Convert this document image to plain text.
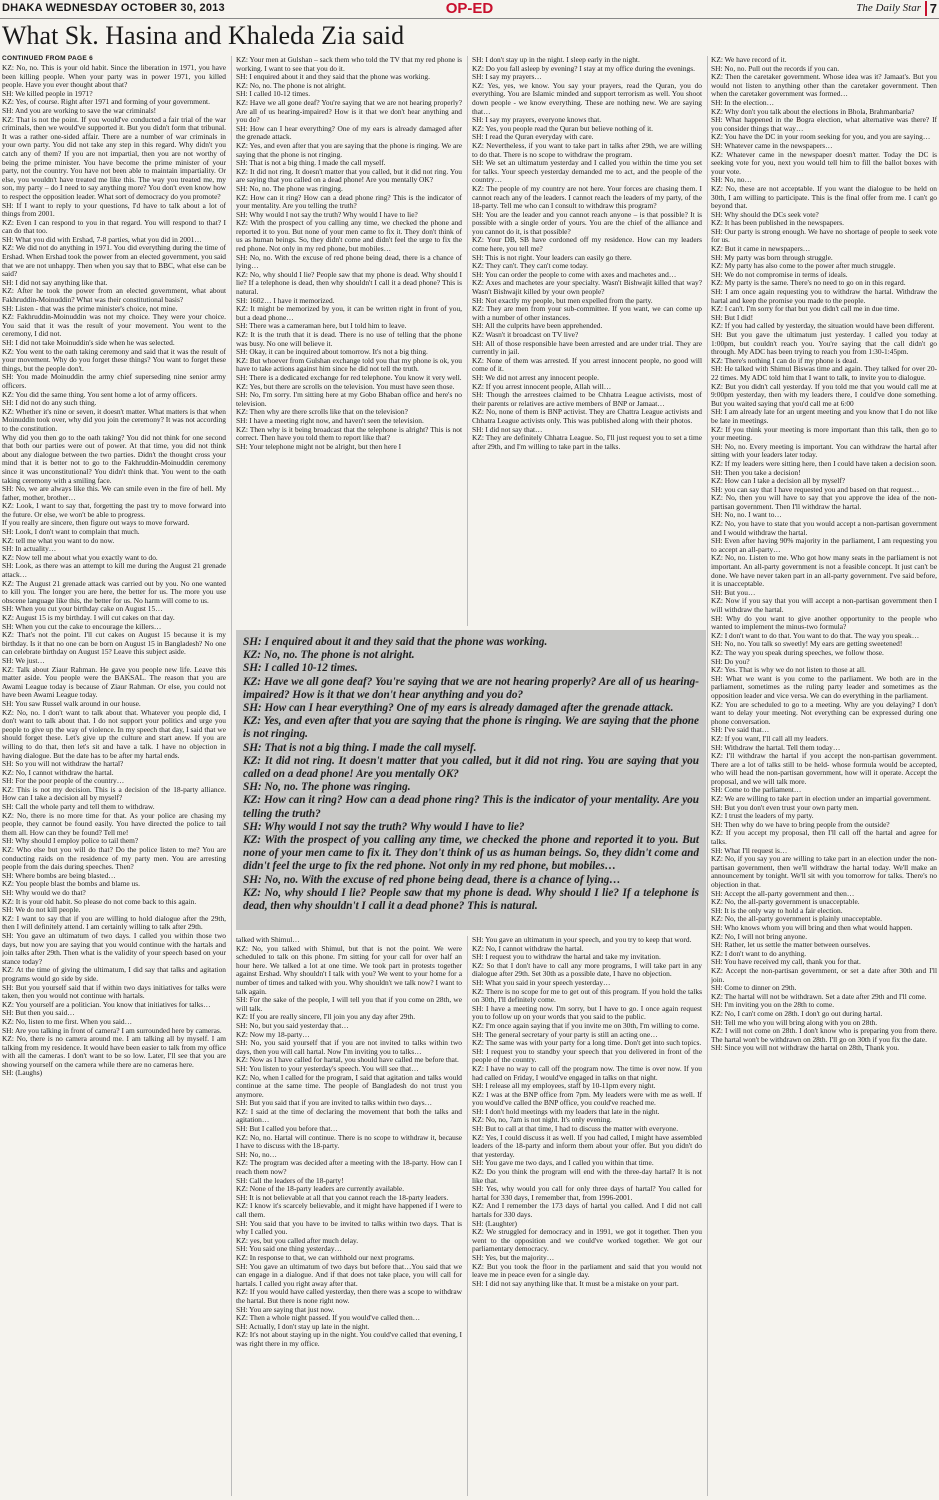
DHAKA WEDNESDAY OCTOBER 30, 2013	OP-ED	The Daily Star 7
What Sk. Hasina and Khaleda Zia said
CONTINUED FROM PAGE 6

KZ: No, no. This is your old habit. Since the liberation in 1971, you have been killing people. When your party was in power 1971, you killed people. Have you ever thought about that?

SH: We killed people in 1971?

KZ: Yes, of course. Right after 1971 and forming of your government.

SH: And you are working to save the war criminals!

KZ: That is not the point. If you would've conducted a fair trial of the war criminals, then we would've supported it. But you didn't form that tribunal. It was a rather one-sided affair. There are a number of war criminals in your own party. You did not take any step in this regard. Why didn't you catch any of them? If you are not impartial, then you are not worthy of being the prime minister. You have become the prime minister of your party, not the country. You have not been able to maintain impartiality. Or else, you wouldn't have treated me like this. The way you treated me, my son, my party – do I need to say anything more? You don't even know how to respect the opposition leader. What sort of democracy do you promote?

SH: If I want to reply to your questions, I'd have to talk about a lot of things from 2001.

KZ: Even I can respond to you in that regard. You will respond to that? I can do that too.

SH: What you did with Ershad, 7-8 parties, what you did in 2001…

KZ: We did not do anything in 1971. You did everything during the time of Ershad. When Ershad took the power from an elected government, you said that we are not unhappy. Then when you say that to BBC, what else can be said?

SH: I did not say anything like that.

KZ: After he took the power from an elected government, what about Fakhruddin-Moinuddin? What was their constitutional basis?

SH: Listen - that was the prime minister's choice, not mine.

KZ: Fakhruddin-Moinuddin was not my choice. They were your choice. You said that it was the result of your movement. You went to the ceremony, I did not.

SH: I did not take Moinuddin's side when he was selected.

KZ: You went to the oath taking ceremony and said that it was the result of your movement. Why do you forget these things? You want to forget these things, but the people don't.

SH: You made Moinuddin the army chief superseding nine senior army officers.

KZ: You did the same thing. You sent home a lot of army officers.

SH: I did not do any such thing.

KZ: Whether it's nine or seven, it doesn't matter. What matters is that when Moinuddin took over, why did you join the ceremony? It was not according to the constitution.

Why did you then go to the oath taking? You did not think for one second that both our parties were out of power. At that time, you did not think about any dialogue between the two parties. Didn't the thought cross your mind that it is better not to go to the Fakhruddin-Moinuddin ceremony since it was unconstitutional? You didn't think that. You went to the oath taking ceremony with a smiling face.

SH: No, we are always like this. We can smile even in the fire of hell. My father, mother, brother…

KZ: Look, I want to say that, forgetting the past try to move forward into the future. Or else, we won't be able to progress.

If you really are sincere, then figure out ways to move forward.

SH: Look, I don't want to complain that much.

KZ: tell me what you want to do now.

SH: In actuality…

KZ: Now tell me about what you exactly want to do.

SH: Look, as there was an attempt to kill me during the August 21 grenade attack…

KZ: The August 21 grenade attack was carried out by you. No one wanted to kill you. The longer you are here, the better for us. The more you use obscene language like this, the better for us. No harm will come to us.

SH: When you cut your birthday cake on August 15…

KZ: August 15 is my birthday. I will cut cakes on that day.

SH: When you cut the cake to encourage the killers…

KZ: That's not the point. I'll cut cakes on August 15 because it is my birthday. Is it that no one can be born on August 15 in Bangladesh? No one can celebrate birthday on August 15? Leave this subject aside.

SH: We just…

KZ: Talk about Ziaur Rahman. He gave you people new life. Leave this matter aside. You people were the BAKSAL. The reason that you are Awami League today is because of Ziaur Rahman. Or else, you could not have been Awami League today.

SH: You saw Russel walk around in our house.

KZ: No, no. I don't want to talk about that. Whatever you people did, I don't want to talk about that. I do not support your politics and urge you people to give up the way of violence. In my speech that day, I said that we should forget these. Let's give up the culture and start anew. If you are willing to do that, then let's sit and have a talk. I have no objection in having dialogue. But the date has to be after my hartal ends.

SH: So you will not withdraw the hartal?

KZ: No, I cannot withdraw the hartal.

SH: For the poor people of the country…

KZ: This is not my decision. This is a decision of the 18-party alliance. How can I take a decision all by myself?

SH: Call the whole party and tell them to withdraw.

KZ: No, there is no more time for that. As your police are chasing my people, they cannot be found easily. You have directed the police to tail them all. How can they be found? Tell me!

SH: Why should I employ police to tail them?

KZ: Who else but you will do that? Do the police listen to me? You are conducting raids on the residence of my party men. You are arresting people from the dais during speeches. Then?

SH: Where bombs are being blasted…

KZ: You people blast the bombs and blame us.

SH: Why would we do that?

KZ: It is your old habit. So please do not come back to this again.

SH: We do not kill people.

KZ: I want to say that if you are willing to hold dialogue after the 29th, then I will definitely attend. I am certainly willing to talk after 29th.

SH: You gave an ultimatum of two days. I called you within those two days, but now you are saying that you would continue with the hartals and join talks after 29th. Then what is the validity of your speech based on your stance today?

KZ: At the time of giving the ultimatum, I did say that talks and agitation programs would go side by side.

SH: But you yourself said that if within two days initiatives for talks were taken, then you would not continue with hartals.

KZ: You yourself are a politician. You know that initiatives for talks…

SH: But then you said…

KZ: No, listen to me first. When you said…

SH: Are you talking in front of camera? I am surrounded here by cameras.

KZ: No, there is no camera around me. I am talking all by myself. I am talking from my residence. It would have been easier to talk from my office with all the cameras. I don't want to be so low. Later, I'll see that you are showing yourself on the camera while there are no cameras here.

SH: (Laughs)

KZ: Your men at Gulshan – sack them who told the TV that my red phone is working. I want to see that you do it.

SH: I enquired about it and they said that the phone was working.

KZ: No, no. The phone is not alright.

SH: I called 10-12 times.

KZ: Have we all gone deaf? You're saying that we are not hearing properly? Are all of us hearing-impaired? How is it that we don't hear anything and you do?

SH: How can I hear everything? One of my ears is already damaged after the grenade attack.

KZ: Yes, and even after that you are saying that the phone is ringing. We are saying that the phone is not ringing.

SH: That is not a big thing. I made the call myself.

KZ: It did not ring. It doesn't matter that you called, but it did not ring. You are saying that you called on a dead phone! Are you mentally OK?

SH: No, no. The phone was ringing.

KZ: How can it ring? How can a dead phone ring? This is the indicator of your mentality. Are you telling the truth?

SH: Why would I not say the truth? Why would I have to lie?

KZ: With the prospect of you calling any time, we checked the phone and reported it to you. But none of your men came to fix it. They don't think of us as human beings. So, they didn't come and didn't feel the urge to fix the red phone. Not only in my red phone, but mobiles…

SH: No, no. With the excuse of red phone being dead, there is a chance of lying…

KZ: No, why should I lie? People saw that my phone is dead. Why should I lie? If a telephone is dead, then why shouldn't I call it a dead phone? This is natural.

SH: 1602… I have it memorized.

KZ: It might be memorized by you, it can be written right in front of you, but a dead phone…

SH: There was a cameraman here, but I told him to leave.

KZ: It is the truth that it is dead. There is no use of telling that the phone was busy. No one will believe it.

SH: Okay, it can be inquired about tomorrow. It's not a big thing.

KZ: But whoever from Gulshan exchange told you that my phone is ok, you have to take actions against him since he did not tell the truth.

SH: There is a dedicated exchange for red telephone. You know it very well.

KZ: Yes, but there are scrolls on the television. You must have seen those.

SH: No, I'm sorry. I'm sitting here at my Gobo Bhaban office and here's no television.

KZ: Then why are there scrolls like that on the television?

SH: I have a meeting right now, and haven't seen the television.

KZ: Then why is it being broadcast that the telephone is alright? This is not correct. Then have you told them to report like that?

SH: Your telephone might not be alright, but then here I

SH: I don't stay up in the night. I sleep early in the night.

KZ: Do you fall asleep by evening? I stay at my office during the evenings.

SH: I say my prayers…

KZ: Yes, yes, we know. You say your prayers, read the Quran, you do everything. You are Islamic minded and support terrorism as well. You shoot down people - we know everything. These are nothing new. We are saying that…

SH: I say my prayers, everyone knows that.

KZ: Yes, you people read the Quran but believe nothing of it.

SH: I read the Quran everyday with care.

KZ: Nevertheless, if you want to take part in talks after 29th, we are willing to do that. There is no scope to withdraw the program.

SH: We set an ultimatum yesterday and I called you within the time you set for talks. Your speech yesterday demanded me to act, and the people of the country…

KZ: The people of my country are not here. Your forces are chasing them. I cannot reach any of the leaders. I cannot reach the leaders of my party, of the 18-party. Tell me who can I consult to withdraw this program?

SH: You are the leader and you cannot reach anyone – is that possible? It is possible with a single order of yours. You are the chief of the alliance and you cannot do it, is that possible?

KZ: Your DB, SB have cordoned off my residence. How can my leaders come here, you tell me?

SH: This is not right. Your leaders can easily go there.

KZ: They can't. They can't come today.

SH: You can order the people to come with axes and machetes and…

KZ: Axes and machetes are your specialty. Wasn't Bishwajit killed that way? Wasn't Bishwajit killed by your own people?

SH: Not exactly my people, but men expelled from the party.

KZ: They are men from your sub-committee. If you want, we can come up with a number of other instances.

SH: All the culprits have been apprehended.

KZ: Wasn't it broadcast on TV live?

SH: All of those responsible have been arrested and are under trial. They are currently in jail.

KZ: None of them was arrested. If you arrest innocent people, no good will come of it.

SH: We did not arrest any innocent people.

KZ: If you arrest innocent people, Allah will…

SH: Though the arrestees claimed to be Chhatra League activists, most of their parents or relatives are active members of BNP or Jamaat…

KZ: No, none of them is BNP activist. They are Chattra League activists and Chhatra League activists only. This was published along with their photos.

SH: I did not say that…

KZ: They are definitely Chhatra League. So, I'll just request you to set a time after 29th, and I'm willing to take part in the talks.

KZ: We have record of it.

SH: No, no. Pull out the records if you can.

KZ: Then the caretaker government. Whose idea was it? Jamaat's. But you would not listen to anything other than the caretaker government. Then when the caretaker government was formed…

SH: In the election…

KZ: Why don't you talk about the elections in Bhola, Brahmanbaria?

SH: What happened in the Bogra election, what alternative was there? If you consider things that way…

KZ: You have the DC in your room seeking for you, and you are saying…

SH: Whatever came in the newspapers…

KZ: Whatever came in the newspaper doesn't matter. Today the DC is seeking vote for you, next you would tell him to fill the ballot boxes with your vote.

SH: No, no…

KZ: No, these are not acceptable. If you want the dialogue to be held on 30th, I am willing to participate. This is the final offer from me. I can't go beyond that.

SH: Why should the DCs seek vote?

KZ: It has been published in the newspapers.

SH: Our party is strong enough. We have no shortage of people to seek vote for us.

KZ: But it came in newspapers…

SH: My party was born through struggle.

KZ: My party has also come to the power after much struggle.

SH: We do not compromise in terms of ideals.

KZ: My party is the same. There's no need to go on in this regard.

SH: I am once again requesting you to withdraw the hartal. Withdraw the hartal and keep the promise you made to the people.

KZ: I can't. I'm sorry for that but you didn't call me in due time.

SH: But I did!

KZ: If you had called by yesterday, the situation would have been different.

SH: But you gave the ultimatum just yesterday. I called you today at 1:00pm, but couldn't reach you. You're saying that the call didn't go through. My ADC has been trying to reach you from 1:30-1:45pm.

KZ: There's nothing I can do if my phone is dead.

SH: He talked with Shimul Biswas time and again. They talked for over 20-22 times. My ADC told him that I want to talk, to invite you to dialogue.

KZ: But you didn't call yesterday. If you told me that you would call me at 9:00pm yesterday, then with my leaders there, I could've done something. But you waited saying that you'd call me at 6:00

SH: I am already late for an urgent meeting and you know that I do not like be late in meetings.

KZ: If you think your meeting is more important than this talk, then go to your meeting.

SH: No, no. Every meeting is important. You can withdraw the hartal after sitting with your leaders later today.

KZ: If my leaders were sitting here, then I could have taken a decision soon.

SH: Then you take a decision!

KZ: How can I take a decision all by myself?

SH: you can say that I have requested you and based on that request…

KZ: No, then you will have to say that you approve the idea of the non-partisan government. Then I'll withdraw the hartal.

SH: No, no. I want to…

KZ: No, you have to state that you would accept a non-partisan government and I would withdraw the hartal.

SH: Even after having 90% majority in the parliament, I am requesting you to accept an all-party…

KZ: No, no. Listen to me. Who got how many seats in the parliament is not important. An all-party government is not a feasible concept. It just can't be done. We have never taken part in an all-party government. I've said before, it is unacceptable.

SH: But you…

KZ: Now if you say that you will accept a non-partisan government then I will withdraw the hartal.

SH: Why do you want to give another opportunity to the people who wanted to implement the minus-two formula?

KZ: I don't want to do that. You want to do that. The way you speak…

SH: No, no. You talk so sweetly! My ears are getting sweetened!

KZ: The way you speak during speeches, we follow those.

SH: Do you?

KZ: Yes. That is why we do not listen to those at all.

SH: What we want is you come to the parliament. We both are in the parliament, sometimes as the ruling party leader and sometimes as the opposition leader and vice versa. We can do everything in the parliament.

KZ: You are scheduled to go to a meeting. Why are you delaying? I don't want to delay your meeting. Not everything can be expressed during one phone conversation.

SH: I've said that…

KZ: If you want, I'll call all my leaders.

SH: Withdraw the hartal. Tell them today…

KZ: I'll withdraw the hartal if you accept the non-partisan government. There are a lot of talks still to be held- whose formula would be accepted, who will head the non-partisan government, how will it operate. Accept the proposal, and we will talk more.

SH: Come to the parliament…

KZ: We are willing to take part in election under an impartial government.

SH: But you don't even trust your own party men.

KZ: I trust the leaders of my party.

SH: Then why do we have to bring people from the outside?

KZ: If you accept my proposal, then I'll call off the hartal and agree for talks.

SH: What I'll request is…

KZ: No, if you say you are willing to take part in an election under the non-partisan government, then we'll withdraw the hartal today. We'll make an announcement by tonight. We'll sit with you tomorrow for talks. There's no objection in that.

SH: Accept the all-party government and then…

KZ: No, the all-party government is unacceptable.

SH: It is the only way to hold a fair election.

KZ: No, the all-party government is plainly unacceptable.

SH: Who knows whom you will bring and then what would happen.

KZ: No, I will not bring anyone.

SH: Rather, let us settle the matter between ourselves.

KZ: I don't want to do anything.

SH: You have received my call, thank you for that.

KZ: Accept the non-partisan government, or set a date after 30th and I'll join.

SH: Come to dinner on 29th.

KZ: The hartal will not be withdrawn. Set a date after 29th and I'll come.

SH: I'm inviting you on the 28th to come.

KZ: No, I can't come on 28th. I don't go out during hartal.

SH: Tell me who you will bring along with you on 28th.

KZ: I will not come on 28th. I don't know who is preparing you from there. The hartal won't be withdrawn on 28th. I'll go on 30th if you fix the date.

SH: Since you will not withdraw the hartal on 28th, Thank you.

SH: I enquired about it and they said that the phone was working.

KZ: No, no. The phone is not alright.

SH: I called 10-12 times.

KZ: Have we all gone deaf? You're saying that we are not hearing properly? Are all of us hearing-impaired? How is it that we don't hear anything and you do?

SH: How can I hear everything? One of my ears is already damaged after the grenade attack.

KZ: Yes, and even after that you are saying that the phone is ringing. We are saying that the phone is not ringing.

SH: That is not a big thing. I made the call myself.

KZ: It did not ring. It doesn't matter that you called, but it did not ring. You are saying that you called on a dead phone! Are you mentally OK?

SH: No, no. The phone was ringing.

KZ: How can it ring? How can a dead phone ring? This is the indicator of your mentality. Are you telling the truth?

SH: Why would I not say the truth? Why would I have to lie?

KZ: With the prospect of you calling any time, we checked the phone and reported it to you. But none of your men came to fix it. They don't think of us as human beings. So, they didn't come and didn't feel the urge to fix the red phone. Not only in my red phone, but mobiles…

SH: No, no. With the excuse of red phone being dead, there is a chance of lying…

KZ: No, why should I lie? People saw that my phone is dead. Why should I lie? If a telephone is dead, then why shouldn't I call it a dead phone? This is natural.

talked with Shimul…

KZ: No, you talked with Shimul, but that is not the point. We were scheduled to talk on this phone. I'm sitting for your call for over half an hour here. We talked a lot at one time. We took part in protests together against Ershad. Why shouldn't I talk with you? We went to your home for a number of times and talked with you. Why shouldn't we talk now? I want to talk again.

SH: For the sake of the people, I will tell you that if you come on 28th, we will talk.

KZ: If you are really sincere, I'll join you any day after 29th.

SH: No, but you said yesterday that…

KZ: Now my 18-party…

SH: No, you said yourself that if you are not invited to talks within two days, then you will call hartal. Now I'm inviting you to talks…

KZ: Now as I have called for hartal, you should have called me before that.

SH: You listen to your yesterday's speech. You will see that…

KZ: No, when I called for the program, I said that agitation and talks would continue at the same time. The people of Bangladesh do not trust you anymore.

SH: But you said that if you are invited to talks within two days…

KZ: I said at the time of declaring the movement that both the talks and agitation…

SH: But I called you before that…

KZ: No, no. Hartal will continue. There is no scope to withdraw it, because I have to discuss with the 18-party.

SH: No, no…

KZ: The program was decided after a meeting with the 18-party. How can I reach them now?

SH: Call the leaders of the 18-party!

KZ: None of the 18-party leaders are currently available.

SH: It is not believable at all that you cannot reach the 18-party leaders.

KZ: I know it's scarcely believable, and it might have happened if I were to call them.

SH: You said that you have to be invited to talks within two days. That is why I called you.

KZ: yes, but you called after much delay.

SH: You said one thing yesterday…

KZ: In response to that, we can withhold our next programs.

SH: You gave an ultimatum of two days but before that…You said that we can engage in a dialogue. And if that does not take place, you will call for hartals. I called you right away after that.

KZ: If you would have called yesterday, then there was a scope to withdraw the hartal. But there is none right now.

SH: You are saying that just now.

KZ: Then a whole night passed. If you would've called then…

SH: Actually, I don't stay up late in the night.

KZ: It's not about staying up in the night. You could've called that evening, I was right there in my office.

SH: You gave an ultimatum in your speech, and you try to keep that word.

KZ: No, I cannot withdraw the hartal.

SH: I request you to withdraw the hartal and take my invitation.

KZ: So that I don't have to call any more programs, I will take part in any dialogue after 29th. Set 30th as a possible date, I have no objection.

SH: What you said in your speech yesterday…

KZ: There is no scope for me to get out of this program. If you hold the talks on 30th, I'll definitely come.

SH: I have a meeting now. I'm sorry, but I have to go. I once again request you to follow up on your words that you said to the public.

KZ: I'm once again saying that if you invite me on 30th, I'm willing to come.

SH: The general secretary of your party is still an acting one…

KZ: The same was with your party for a long time. Don't get into such topics.

SH: I request you to standby your speech that you delivered in front of the people of the country.

KZ: I have no way to call off the program now. The time is over now. If you had called on Friday, I would've engaged in talks on that night.

SH: I release all my employees, staff by 10-11pm every night.

KZ: I was at the BNP office from 7pm. My leaders were with me as well. If you would've called the BNP office, you could've reached me.

SH: I don't hold meetings with my leaders that late in the night.

KZ: No, no, 7am is not night. It's only evening.

SH: But to call at that time, I had to discuss the matter with everyone.

KZ: Yes, I could discuss it as well. If you had called, I might have assembled leaders of the 18-party and inform them about your offer. But you didn't do that yesterday.

SH: You gave me two days, and I called you within that time.

KZ: Do you think the program will end with the three-day hartal? It is not like that.

SH: Yes, why would you call for only three days of hartal? You called for hartal for 330 days, I remember that, from 1996-2001.

KZ: And I remember the 173 days of hartal you called. And I did not call hartals for 330 days.

SH: (Laughter)

KZ: We struggled for democracy and in 1991, we got it together. Then you went to the opposition and we could've worked together. We got our parliamentary democracy.

SH: Yes, but the majority…

KZ: But you took the floor in the parliament and said that you would not leave me in peace even for a single day.

SH: I did not say anything like that. It must be a mistake on your part.
